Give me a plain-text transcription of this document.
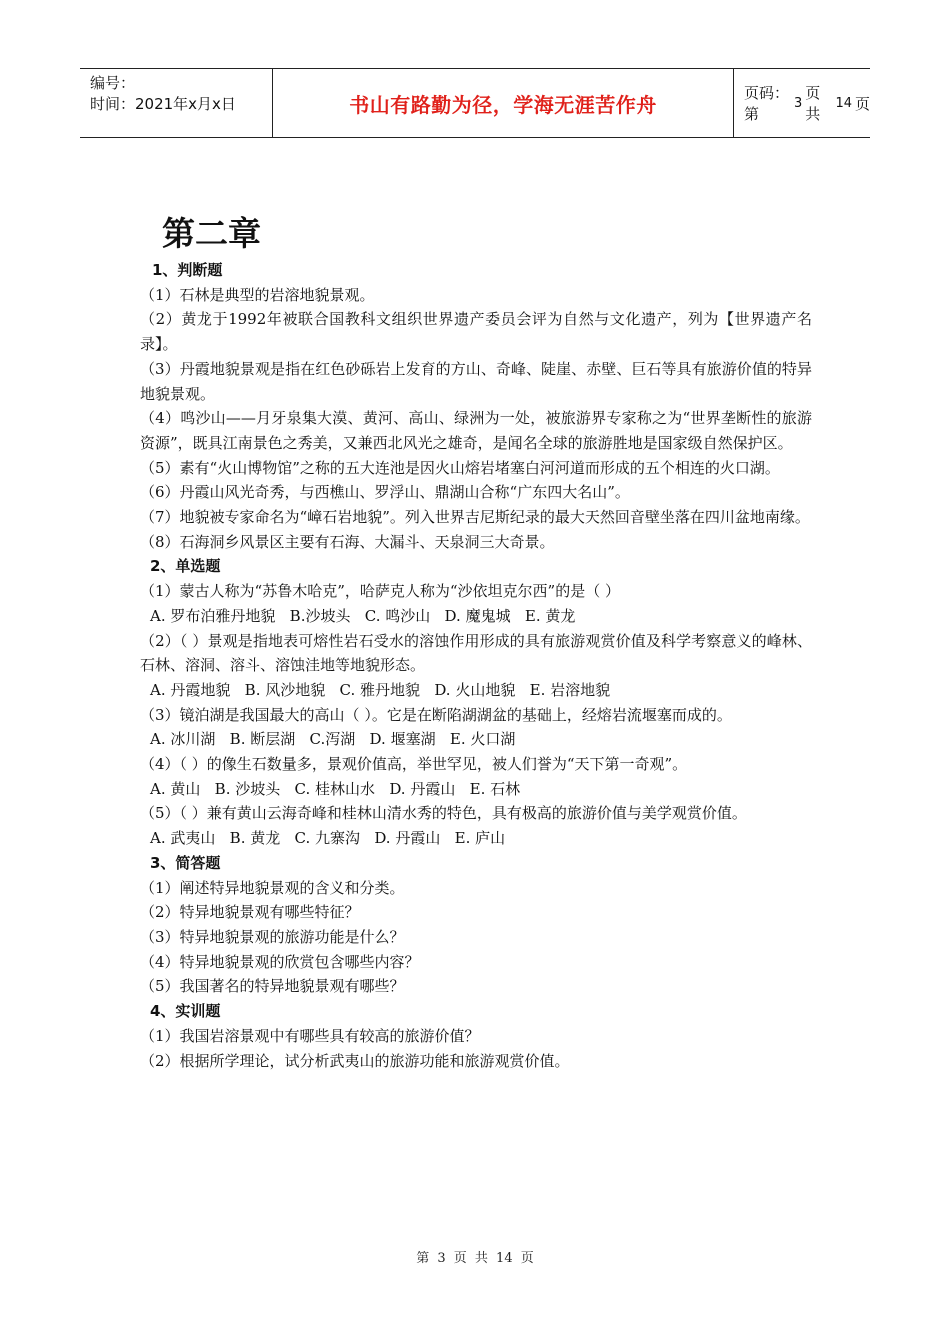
编号：
时间：2021年x月x日	书山有路勤为径，学海无涯苦作舟	页码：第
3
页 共
14 页
第二章
1、判断题

（1）石林是典型的岩溶地貌景观。

（2）黄龙于1992年被联合国教科文组织世界遗产委员会评为自然与文化遗产，列为【世界遗产名录】。

（3）丹霞地貌景观是指在红色砂砾岩上发育的方山、奇峰、陡崖、赤壁、巨石等具有旅游价值的特异地貌景观。

（4）鸣沙山——月牙泉集大漠、黄河、高山、绿洲为一处，被旅游界专家称之为“世界垄断性的旅游资源”，既具江南景色之秀美，又兼西北风光之雄奇，是闻名全球的旅游胜地是国家级自然保护区。

（5）素有“火山博物馆”之称的五大连池是因火山熔岩堵塞白河河道而形成的五个相连的火口湖。

（6）丹霞山风光奇秀，与西樵山、罗浮山、鼎湖山合称“广东四大名山”。

（7）地貌被专家命名为“嶂石岩地貌”。列入世界吉尼斯纪录的最大天然回音壁坐落在四川盆地南缘。

（8）石海洞乡风景区主要有石海、大漏斗、天泉洞三大奇景。

2、单选题

（1）蒙古人称为“苏鲁木哈克”，哈萨克人称为“沙依坦克尔西”的是（ ）

A. 罗布泊雅丹地貌   B.沙坡头   C. 鸣沙山   D. 魔鬼城   E. 黄龙

（2）（ ）景观是指地表可熔性岩石受水的溶蚀作用形成的具有旅游观赏价值及科学考察意义的峰林、石林、溶洞、溶斗、溶蚀洼地等地貌形态。

A. 丹霞地貌   B. 风沙地貌   C. 雅丹地貌   D. 火山地貌   E. 岩溶地貌

（3）镜泊湖是我国最大的高山（ ）。它是在断陷湖湖盆的基础上，经熔岩流堰塞而成的。

A. 冰川湖   B. 断层湖   C.泻湖   D. 堰塞湖   E. 火口湖

（4）（ ）的像生石数量多，景观价值高，举世罕见，被人们誉为“天下第一奇观”。

A. 黄山   B. 沙坡头   C. 桂林山水   D. 丹霞山   E. 石林

（5）（ ）兼有黄山云海奇峰和桂林山清水秀的特色，具有极高的旅游价值与美学观赏价值。

A. 武夷山   B. 黄龙   C. 九寨沟   D. 丹霞山   E. 庐山

3、简答题

（1）阐述特异地貌景观的含义和分类。

（2）特异地貌景观有哪些特征？

（3）特异地貌景观的旅游功能是什么？

（4）特异地貌景观的欣赏包含哪些内容？

（5）我国著名的特异地貌景观有哪些？

4、实训题

（1）我国岩溶景观中有哪些具有较高的旅游价值？

（2）根据所学理论，试分析武夷山的旅游功能和旅游观赏价值。

第 3 页 共 14 页
